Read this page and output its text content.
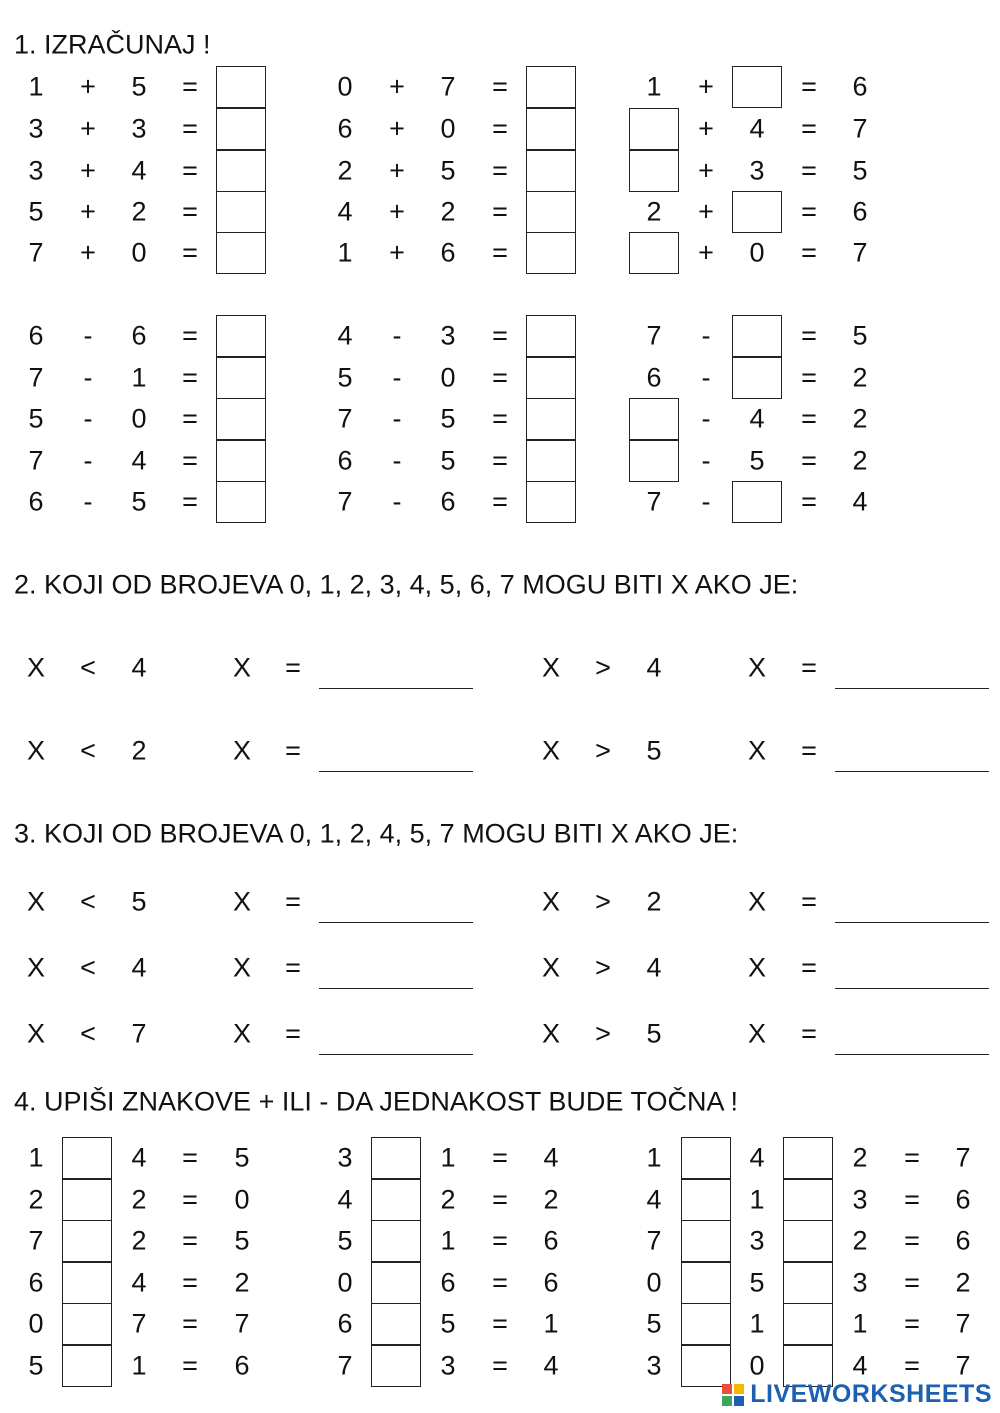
1. IZRAČUNAJ !
1 + 5 =	0 + 7 =	1 +	= 6
3 + 3 =	6 + 0 =	+ 4 = 7
3 + 4 =	2 + 5 =	+ 3 = 5
5 + 2 =	4 + 2 =	2 +	= 6
7 + 0 =	1 + 6 =	+ 0 = 7
6 - 6 =	4 - 3 =	7 -	= 5
7 - 1 =	5 - 0 =	6 -	= 2
5 - 0 =	7 - 5 =	- 4 = 2
7 - 4 =	6 - 5 =	- 5 = 2
6 - 5 =	7 - 6 =	7 -	= 4
2. KOJI OD BROJEVA 0, 1, 2, 3, 4, 5, 6, 7 MOGU BITI X AKO JE:
X < 4	X =	X > 4	X =
X < 2	X =	X > 5	X =
3. KOJI OD BROJEVA 0, 1, 2, 4, 5, 7 MOGU BITI X AKO JE:
X < 5	X =	X > 2	X =
X < 4	X =	X > 4	X =
X < 7	X =	X > 5	X =
4. UPIŠI ZNAKOVE + ILI - DA JEDNAKOST BUDE TOČNA !
1	4 = 5	3	1 = 4	1	4	2 = 7
2	2 = 0	4	2 = 2	4	1	3 = 6
7	2 = 5	5	1 = 6	7	3	2 = 6
6	4 = 2	0	6 = 6	0	5	3 = 2
0	7 = 7	6	5 = 1	5	1	1 = 7
5	1 = 6	7	3 = 4	3	0	4 = 7
LIVEWORKSHEETS
